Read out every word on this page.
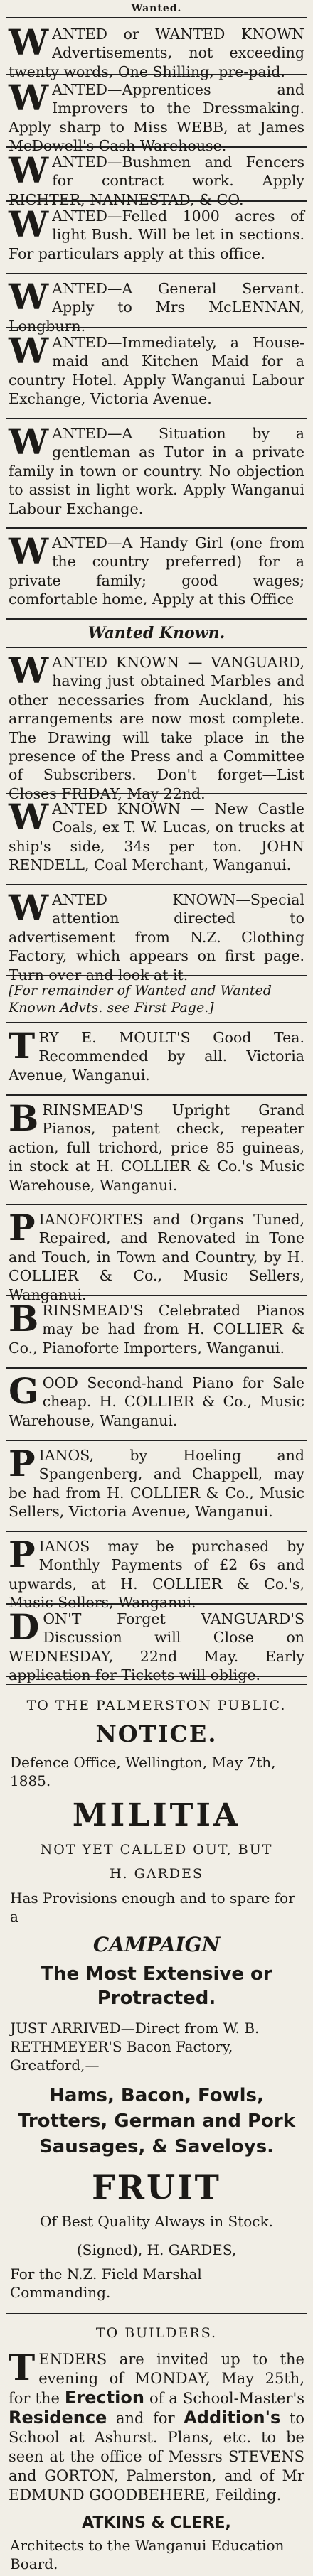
Wanted.
WANTED or WANTED KNOWN Advertisements, not exceeding twenty words, One Shilling, pre-paid.
WANTED—Apprentices and Improvers to the Dressmaking. Apply sharp to Miss WEBB, at James McDowell's Cash Warehouse.
WANTED—Bushmen and Fencers for contract work. Apply RICHTER, NANNESTAD, & CO.
WANTED—Felled 1000 acres of light Bush. Will be let in sections. For particulars apply at this office.
WANTED—A General Servant. Apply to Mrs McLENNAN, Longburn.
WANTED—Immediately, a House-maid and Kitchen Maid for a country Hotel. Apply Wanganui Labour Exchange, Victoria Avenue.
WANTED—A Situation by a gentleman as Tutor in a private family in town or country. No objection to assist in light work. Apply Wanganui Labour Exchange.
WANTED—A Handy Girl (one from the country preferred) for a private family; good wages; comfortable home, Apply at this Office
Wanted Known.
WANTED KNOWN — VANGUARD, having just obtained Marbles and other necessaries from Auckland, his arrangements are now most complete. The Drawing will take place in the presence of the Press and a Committee of Subscribers. Don't forget—List Closes FRIDAY, May 22nd.
WANTED KNOWN — New Castle Coals, ex T. W. Lucas, on trucks at ship's side, 34s per ton. JOHN RENDELL, Coal Merchant, Wanganui.
WANTED KNOWN—Special attention directed to advertisement from N.Z. Clothing Factory, which appears on first page. Turn over and look at it.
[For remainder of Wanted and Wanted Known Advts. see First Page.]
TRY E. MOULT'S Good Tea. Recommended by all. Victoria Avenue, Wanganui.
BRINSMEAD'S Upright Grand Pianos, patent check, repeater action, full trichord, price 85 guineas, in stock at H. COLLIER & Co.'s Music Warehouse, Wanganui.
PIANOFORTES and Organs Tuned, Repaired, and Renovated in Tone and Touch, in Town and Country, by H. COLLIER & Co., Music Sellers, Wanganui.
BRINSMEAD'S Celebrated Pianos may be had from H. COLLIER & Co., Pianoforte Importers, Wanganui.
GOOD Second-hand Piano for Sale cheap. H. COLLIER & Co., Music Warehouse, Wanganui.
PIANOS, by Hoeling and Spangenberg, and Chappell, may be had from H. COLLIER & Co., Music Sellers, Victoria Avenue, Wanganui.
PIANOS may be purchased by Monthly Payments of £2 6s and upwards, at H. COLLIER & Co.'s, Music Sellers, Wanganui.
DON'T Forget VANGUARD'S Discussion will Close on WEDNESDAY, 22nd May. Early application for Tickets will oblige.
TO THE PALMERSTON PUBLIC.
NOTICE.
Defence Office, Wellington, May 7th, 1885.
MILITIA
NOT YET CALLED OUT, BUT
H. GARDES
Has Provisions enough and to spare for a
CAMPAIGN
The Most Extensive or Protracted.
JUST ARRIVED—Direct from W. B. RETHMEYER'S Bacon Factory, Greatford,—
Hams, Bacon, Fowls, Trotters, German and Pork Sausages, & Saveloys.
FRUIT
Of Best Quality Always in Stock.
(Signed), H. GARDES,
For the N.Z. Field Marshal Commanding.
TO BUILDERS.
TENDERS are invited up to the evening of MONDAY, May 25th, for the Erection of a School-Master's Residence and for Addition's to School at Ashurst. Plans, etc. to be seen at the office of Messrs STEVENS and GORTON, Palmerston, and of Mr EDMUND GOODBEHERE, Feilding.
ATKINS & CLERE,
Architects to the Wanganui Education Board.
